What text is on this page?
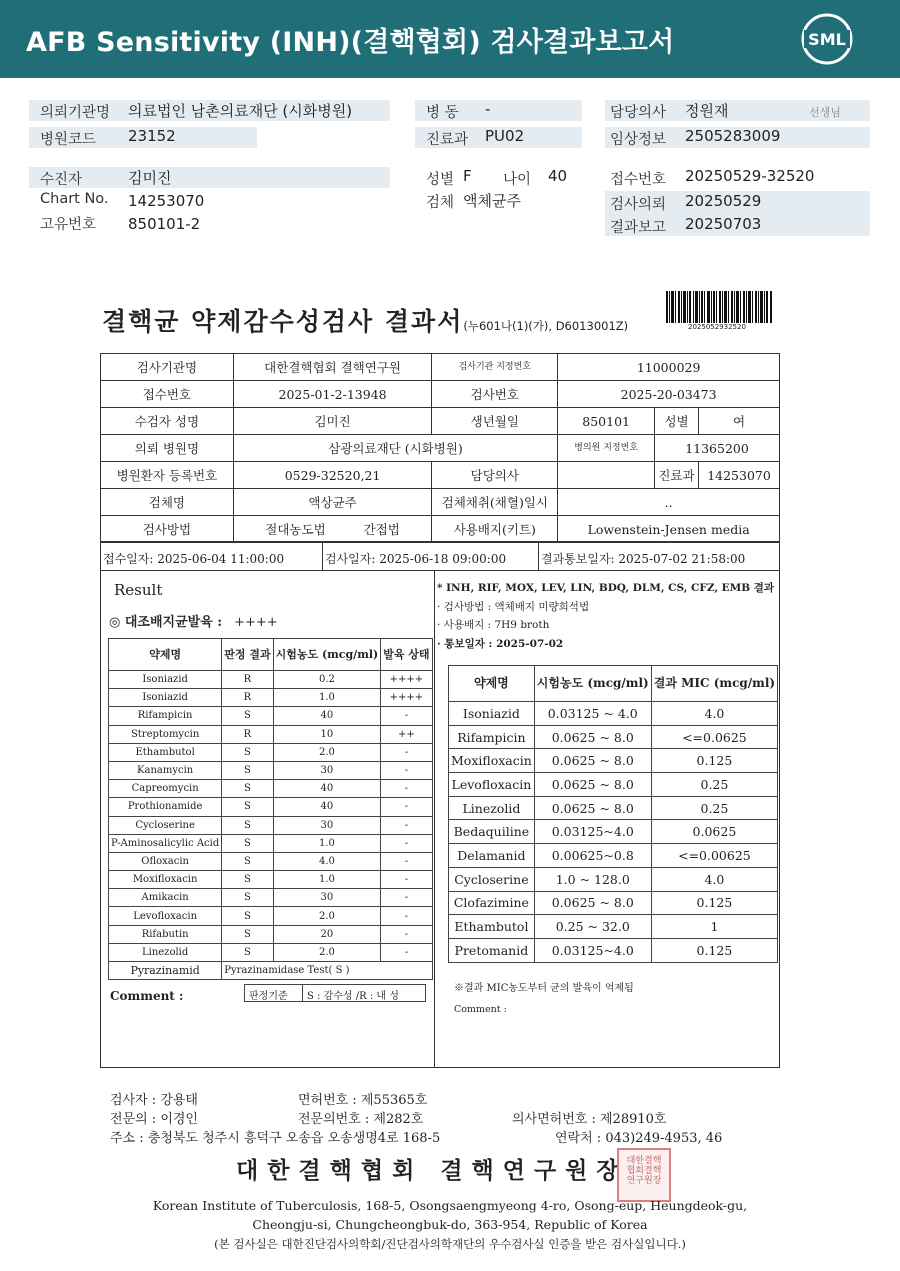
AFB Sensitivity (INH)(결핵협회) 검사결과보고서	SML
의뢰기관명 의료법인 남촌의료재단 (시화병원)	병 동 -	담당의사 정원재	선생님
병원코드 23152	진료과 PU02	임상정보 2505283009
수진자	김미진	성별 F 나이 40	접수번호 20250529-32520
Chart No. 14253070	검체 액체균주	검사의뢰 20250529
고유번호 850101-2	결과보고 20250703
결핵균 약제감수성검사 결과서(누601나(1)(가), D6013001Z)	2025052932520
검사기관명	대한결핵협회 결핵연구원	검사기관 지정번호	11000029		
접수번호	2025-01-2-13948	검사번호	2025-20-03473		
수검자 성명	김미진	생년월일	850101	성별	여
의뢰 병원명	삼광의료재단 (시화병원)		병의원 지정번호	11365200	
병원환자 등록번호	0529-32520,21	담당의사		진료과	14253070
검체명	액상균주	검체채취(채혈)일시	..		
검사방법	절대농도법 간접법	사용배지(키트)	Lowenstein-Jensen media		
접수일자: 2025-06-04 11:00:00	검사일자: 2025-06-18 09:00:00	결과통보일자: 2025-07-02 21:58:00
Result
◎ 대조배지균발육 : ++++
약제명	판정 결과	시험농도 (mcg/ml)	발육 상태
Isoniazid	R	0.2	++++
Isoniazid	R	1.0	++++
Rifampicin	S	40	-
Streptomycin	R	10	++
Ethambutol	S	2.0	-
Kanamycin	S	30	-
Capreomycin	S	40	-
Prothionamide	S	40	-
Cycloserine	S	30	-
P-Aminosalicylic Acid	S	1.0	-
Ofloxacin	S	4.0	-
Moxifloxacin	S	1.0	-
Amikacin	S	30	-
Levofloxacin	S	2.0	-
Rifabutin	S	20	-
Linezolid	S	2.0	-
Pyrazinamid	Pyrazinamidase Test( S )		
Comment :	판정기준 S : 감수성 /R : 내 성
* INH, RIF, MOX, LEV, LIN, BDQ, DLM, CS, CFZ, EMB 결과
· 검사방법 : 액체배지 미량희석법
· 사용배지 : 7H9 broth
· 통보일자 : 2025-07-02
약제명	시험농도 (mcg/ml)	결과 MIC (mcg/ml)
Isoniazid	0.03125 ~ 4.0	4.0
Rifampicin	0.0625 ~ 8.0	<=0.0625
Moxifloxacin	0.0625 ~ 8.0	0.125
Levofloxacin	0.0625 ~ 8.0	0.25
Linezolid	0.0625 ~ 8.0	0.25
Bedaquiline	0.03125~4.0	0.0625
Delamanid	0.00625~0.8	<=0.00625
Cycloserine	1.0 ~ 128.0	4.0
Clofazimine	0.0625 ~ 8.0	0.125
Ethambutol	0.25 ~ 32.0	1
Pretomanid	0.03125~4.0	0.125
※결과 MIC농도부터 균의 발육이 억제됨
Comment :
검사자 : 강용태	면허번호 : 제55365호
전문의 : 이경인	전문의번호 : 제282호	의사면허번호 : 제28910호
주소 : 충청북도 청주시 흥덕구 오송읍 오송생명4로 168-5	연락처 : 043)249-4953, 46
대한결핵협회 결핵연구원장
대한결핵
협회결핵
연구원장
Korean Institute of Tuberculosis, 168-5, Osongsaengmyeong 4-ro, Osong-eup, Heungdeok-gu,
Cheongju-si, Chungcheongbuk-do, 363-954, Republic of Korea
(본 검사실은 대한진단검사의학회/진단검사의학재단의 우수검사실 인증을 받은 검사실입니다.)
